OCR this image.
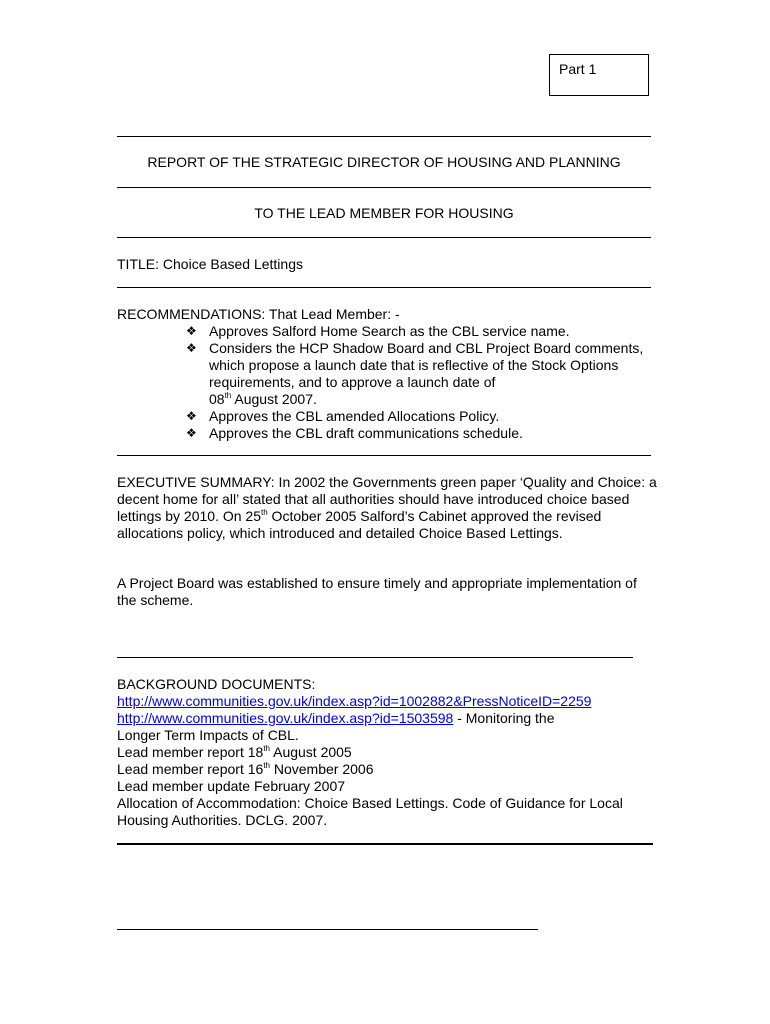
Part 1
REPORT OF THE STRATEGIC DIRECTOR OF HOUSING AND PLANNING
TO THE LEAD MEMBER FOR HOUSING
TITLE: Choice Based Lettings
RECOMMENDATIONS: That Lead Member: -
❖ Approves Salford Home Search as the CBL service name.
❖ Considers the HCP Shadow Board and CBL Project Board comments, which propose a launch date that is reflective of the Stock Options requirements, and to approve a launch date of
08th August 2007.
❖ Approves the CBL amended Allocations Policy.
❖ Approves the CBL draft communications schedule.
EXECUTIVE SUMMARY: In 2002 the Governments green paper ‘Quality and Choice: a decent home for all’ stated that all authorities should have introduced choice based lettings by 2010. On 25th October 2005 Salford’s Cabinet approved the revised allocations policy, which introduced and detailed Choice Based Lettings.
A Project Board was established to ensure timely and appropriate implementation of the scheme.
BACKGROUND DOCUMENTS:
http://www.communities.gov.uk/index.asp?id=1002882&PressNoticeID=2259
http://www.communities.gov.uk/index.asp?id=1503598 - Monitoring the
Longer Term Impacts of CBL.
Lead member report 18th August 2005
Lead member report 16th November 2006
Lead member update February 2007
Allocation of Accommodation: Choice Based Lettings. Code of Guidance for Local Housing Authorities. DCLG. 2007.
